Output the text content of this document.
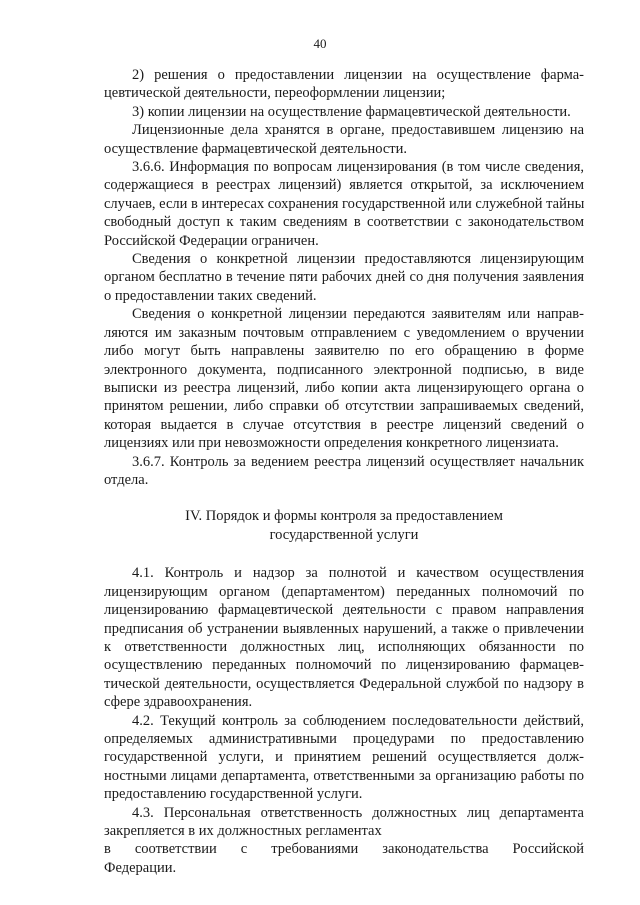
40
2) решения о предоставлении лицензии на осуществление фарма-
цевтической деятельности, переоформлении лицензии;
3) копии лицензии на осуществление фармацевтической деятельности.
Лицензионные дела хранятся в органе, предоставившем лицензию на
осуществление фармацевтической деятельности.
3.6.6. Информация по вопросам лицензирования (в том числе сведения,
содержащиеся в реестрах лицензий) является открытой, за исключением
случаев, если в интересах сохранения государственной или служебной тайны
свободный доступ к таким сведениям в соответствии с законодательством
Российской Федерации ограничен.
Сведения о конкретной лицензии предоставляются лицензирующим
органом бесплатно в течение пяти рабочих дней со дня получения заявления
о предоставлении таких сведений.
Сведения о конкретной лицензии передаются заявителям или направ-
ляются им заказным почтовым отправлением с уведомлением о вручении
либо могут быть направлены заявителю по его обращению в форме
электронного документа, подписанного электронной подписью, в виде
выписки из реестра лицензий, либо копии акта лицензирующего органа о
принятом решении, либо справки об отсутствии запрашиваемых сведений,
которая выдается в случае отсутствия в реестре лицензий сведений о
лицензиях или при невозможности определения конкретного лицензиата.
3.6.7. Контроль за ведением реестра лицензий осуществляет начальник
отдела.
IV. Порядок и формы контроля за предоставлением
государственной услуги
4.1. Контроль и надзор за полнотой и качеством осуществления
лицензирующим органом (департаментом) переданных полномочий по
лицензированию фармацевтической деятельности с правом направления
предписания об устранении выявленных нарушений, а также о привлечении
к ответственности должностных лиц, исполняющих обязанности по
осуществлению переданных полномочий по лицензированию фармацев-
тической деятельности, осуществляется Федеральной службой по надзору в
сфере здравоохранения.
4.2. Текущий контроль за соблюдением последовательности действий,
определяемых административными процедурами по предоставлению
государственной услуги, и принятием решений осуществляется долж-
ностными лицами департамента, ответственными за организацию работы по
предоставлению государственной услуги.
4.3. Персональная ответственность должностных лиц департамента
закрепляется в их должностных регламентах
в соответствии с требованиями законодательства Российской
Федерации.
